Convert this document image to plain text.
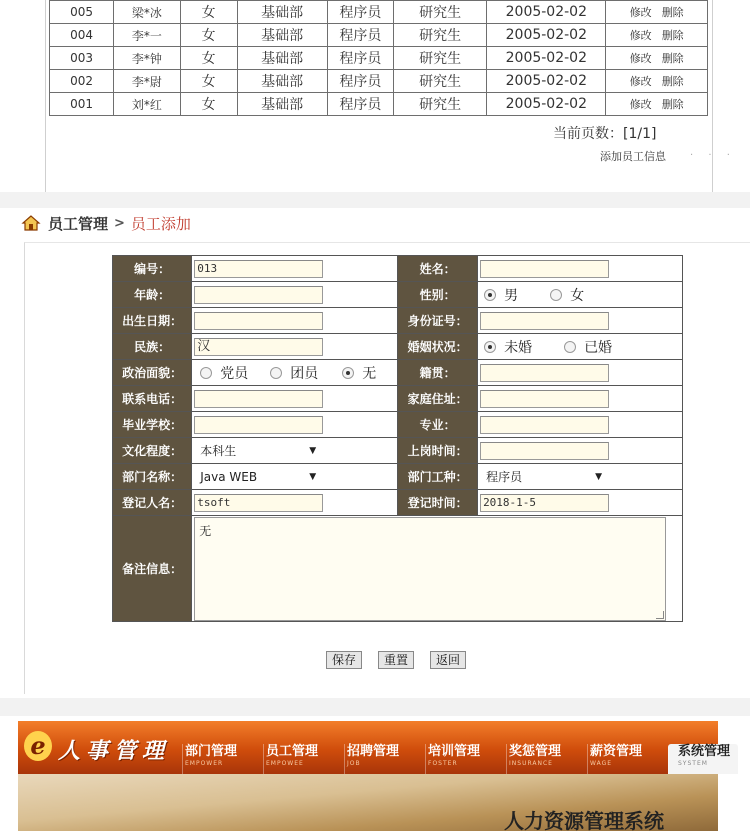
005	梁*冰	女	基础部	程序员	研究生	2005-02-02	修改 删除
004	李*一	女	基础部	程序员	研究生	2005-02-02	修改 删除
003	李*钟	女	基础部	程序员	研究生	2005-02-02	修改 删除
002	李*尉	女	基础部	程序员	研究生	2005-02-02	修改 删除
001	刘*红	女	基础部	程序员	研究生	2005-02-02	修改 删除
当前页数：[1/1]
添加员工信息 · · ·
员工管理 > 员工添加
编号：	013	姓名：	

年龄：		性别：	男 女

出生日期：		身份证号：	

民族：	汉	婚姻状况：	未婚 已婚

政治面貌：	党员 团员 无	籍贯：	

联系电话：		家庭住址：	

毕业学校：		专业：	

文化程度：	本科生 ▼	上岗时间：	

部门名称：	Java WEB ▼	部门工种：	程序员 ▼

登记人名：	tsoft	登记时间：	2018-1-5

备注信息：	无		
保存	重置	返回
e 人事管理 部门管理
EMPOWER
员工管理
EMPOWEE
招聘管理
JOB
培训管理
FOSTER
奖惩管理
INSURANCE
薪资管理
WAGE
系统管理
SYSTEM
人力资源管理系统
